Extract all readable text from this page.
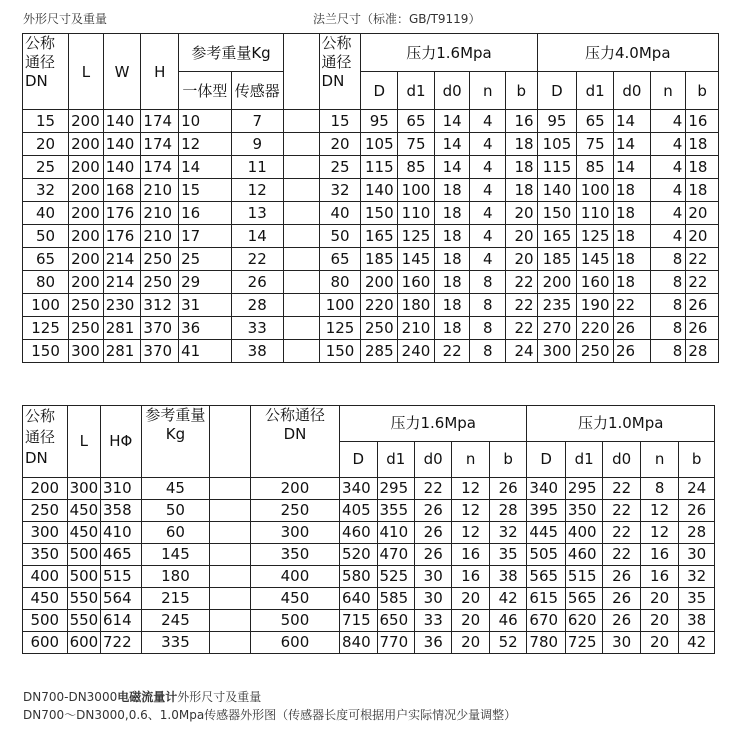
外形尺寸及重量	法兰尺寸（标准：GB/T9119）
公称
通径
DN	L	W	H	参考重量Kg			公称
通径
DN	压力1.6Mpa					压力4.0Mpa				
				一体型	传感器			D	d1	d0	n	b	D	d1	d0	n	b
15	200	140	174	10	7		15	95	65	14	4	16	95	65	14	4	16
20	200	140	174	12	9		20	105	75	14	4	18	105	75	14	4	18
25	200	140	174	14	11		25	115	85	14	4	18	115	85	14	4	18
32	200	168	210	15	12		32	140	100	18	4	18	140	100	18	4	18
40	200	176	210	16	13		40	150	110	18	4	20	150	110	18	4	20
50	200	176	210	17	14		50	165	125	18	4	20	165	125	18	4	20
65	200	214	250	25	22		65	185	145	18	4	20	185	145	18	8	22
80	200	214	250	29	26		80	200	160	18	8	22	200	160	18	8	22
100	250	230	312	31	28		100	220	180	18	8	22	235	190	22	8	26
125	250	281	370	36	33		125	250	210	18	8	22	270	220	26	8	26
150	300	281	370	41	38		150	285	240	22	8	24	300	250	26	8	28
公称
通径
DN	L	HΦ	参考重量
Kg		公称通径
DN	压力1.6Mpa					压力1.0Mpa				
						D	d1	d0	n	b	D	d1	d0	n	b
200	300	310	45		200	340	295	22	12	26	340	295	22	8	24
250	450	358	50		250	405	355	26	12	28	395	350	22	12	26
300	450	410	60		300	460	410	26	12	32	445	400	22	12	28
350	500	465	145		350	520	470	26	16	35	505	460	22	16	30
400	500	515	180		400	580	525	30	16	38	565	515	26	16	32
450	550	564	215		450	640	585	30	20	42	615	565	26	20	35
500	550	614	245		500	715	650	33	20	46	670	620	26	20	38
600	600	722	335		600	840	770	36	20	52	780	725	30	20	42
DN700-DN3000电磁流量计外形尺寸及重量
DN700～DN3000,0.6、1.0Mpa传感器外形图（传感器长度可根据用户实际情况少量调整）
